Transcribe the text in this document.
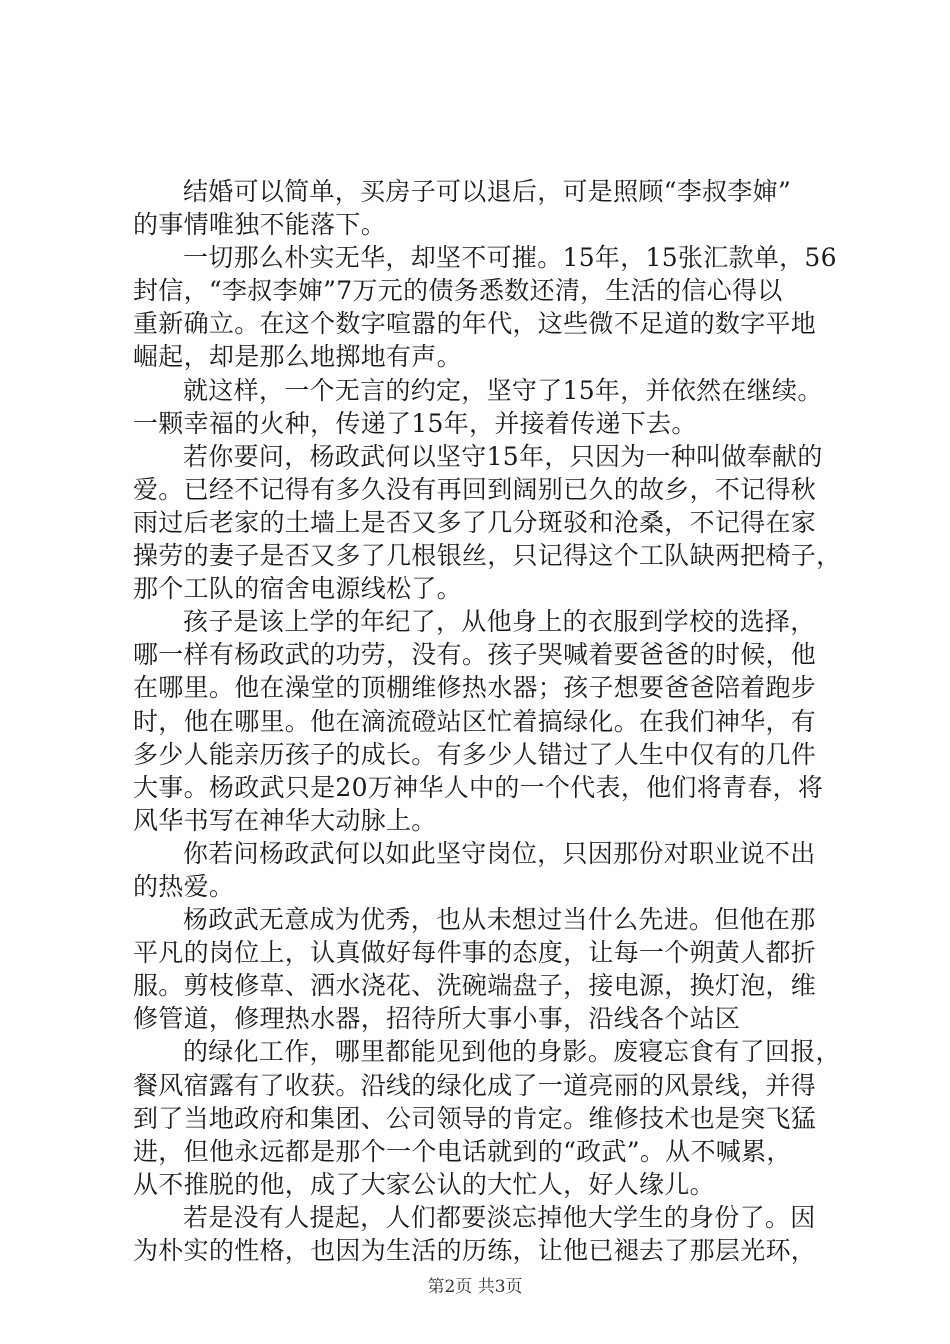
结婚可以简单，买房子可以退后，可是照顾“李叔李婶”
的事情唯独不能落下。
一切那么朴实无华，却坚不可摧。15年，15张汇款单，56
封信，“李叔李婶”7万元的债务悉数还清，生活的信心得以
重新确立。在这个数字喧嚣的年代，这些微不足道的数字平地
崛起，却是那么地掷地有声。
就这样，一个无言的约定，坚守了15年，并依然在继续。
一颗幸福的火种，传递了15年，并接着传递下去。
若你要问，杨政武何以坚守15年，只因为一种叫做奉献的
爱。已经不记得有多久没有再回到阔别已久的故乡，不记得秋
雨过后老家的土墙上是否又多了几分斑驳和沧桑，不记得在家
操劳的妻子是否又多了几根银丝，只记得这个工队缺两把椅子，
那个工队的宿舍电源线松了。
孩子是该上学的年纪了，从他身上的衣服到学校的选择，
哪一样有杨政武的功劳，没有。孩子哭喊着要爸爸的时候，他
在哪里。他在澡堂的顶棚维修热水器；孩子想要爸爸陪着跑步
时，他在哪里。他在滴流磴站区忙着搞绿化。在我们神华，有
多少人能亲历孩子的成长。有多少人错过了人生中仅有的几件
大事。杨政武只是20万神华人中的一个代表，他们将青春，将
风华书写在神华大动脉上。
你若问杨政武何以如此坚守岗位，只因那份对职业说不出
的热爱。
杨政武无意成为优秀，也从未想过当什么先进。但他在那
平凡的岗位上，认真做好每件事的态度，让每一个朔黄人都折
服。剪枝修草、洒水浇花、洗碗端盘子，接电源，换灯泡，维
修管道，修理热水器，招待所大事小事，沿线各个站区
的绿化工作，哪里都能见到他的身影。废寝忘食有了回报，
餐风宿露有了收获。沿线的绿化成了一道亮丽的风景线，并得
到了当地政府和集团、公司领导的肯定。维修技术也是突飞猛
进，但他永远都是那个一个电话就到的“政武”。从不喊累，
从不推脱的他，成了大家公认的大忙人，好人缘儿。
若是没有人提起，人们都要淡忘掉他大学生的身份了。因
为朴实的性格，也因为生活的历练，让他已褪去了那层光环，
第2页 共3页
